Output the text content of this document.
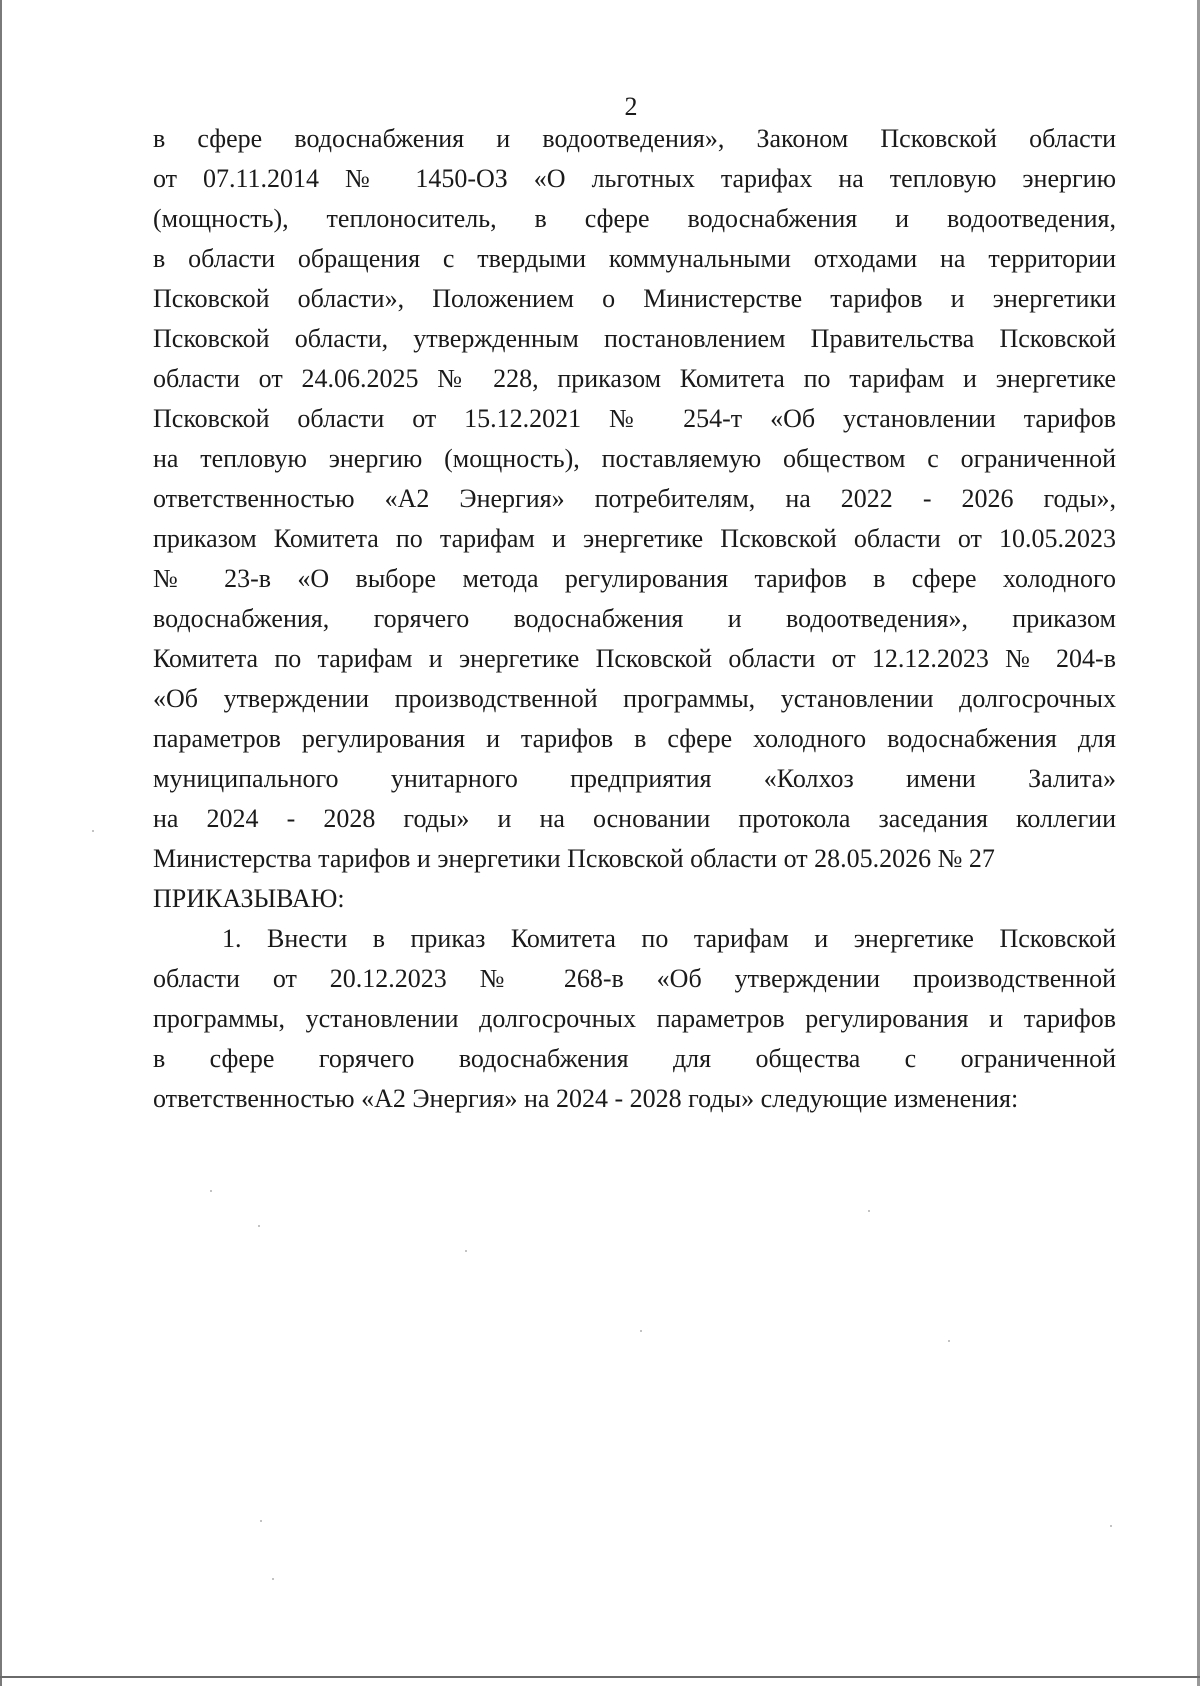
2
в сфере водоснабжения и водоотведения», Законом Псковской области
от 07.11.2014 № 1450-ОЗ «О льготных тарифах на тепловую энергию
(мощность), теплоноситель, в сфере водоснабжения и водоотведения,
в области обращения с твердыми коммунальными отходами на территории
Псковской области», Положением о Министерстве тарифов и энергетики
Псковской области, утвержденным постановлением Правительства Псковской
области от 24.06.2025 № 228, приказом Комитета по тарифам и энергетике
Псковской области от 15.12.2021 № 254-т «Об установлении тарифов
на тепловую энергию (мощность), поставляемую обществом с ограниченной
ответственностью «А2 Энергия» потребителям, на 2022 - 2026 годы»,
приказом Комитета по тарифам и энергетике Псковской области от 10.05.2023
№ 23-в «О выборе метода регулирования тарифов в сфере холодного
водоснабжения, горячего водоснабжения и водоотведения», приказом
Комитета по тарифам и энергетике Псковской области от 12.12.2023 № 204-в
«Об утверждении производственной программы, установлении долгосрочных
параметров регулирования и тарифов в сфере холодного водоснабжения для
муниципального унитарного предприятия «Колхоз имени Залита»
на 2024 - 2028 годы» и на основании протокола заседания коллегии
Министерства тарифов и энергетики Псковской области от 28.05.2026 № 27
ПРИКАЗЫВАЮ:
1. Внести в приказ Комитета по тарифам и энергетике Псковской
области от 20.12.2023 № 268-в «Об утверждении производственной
программы, установлении долгосрочных параметров регулирования и тарифов
в сфере горячего водоснабжения для общества с ограниченной
ответственностью «А2 Энергия» на 2024 - 2028 годы» следующие изменения:
